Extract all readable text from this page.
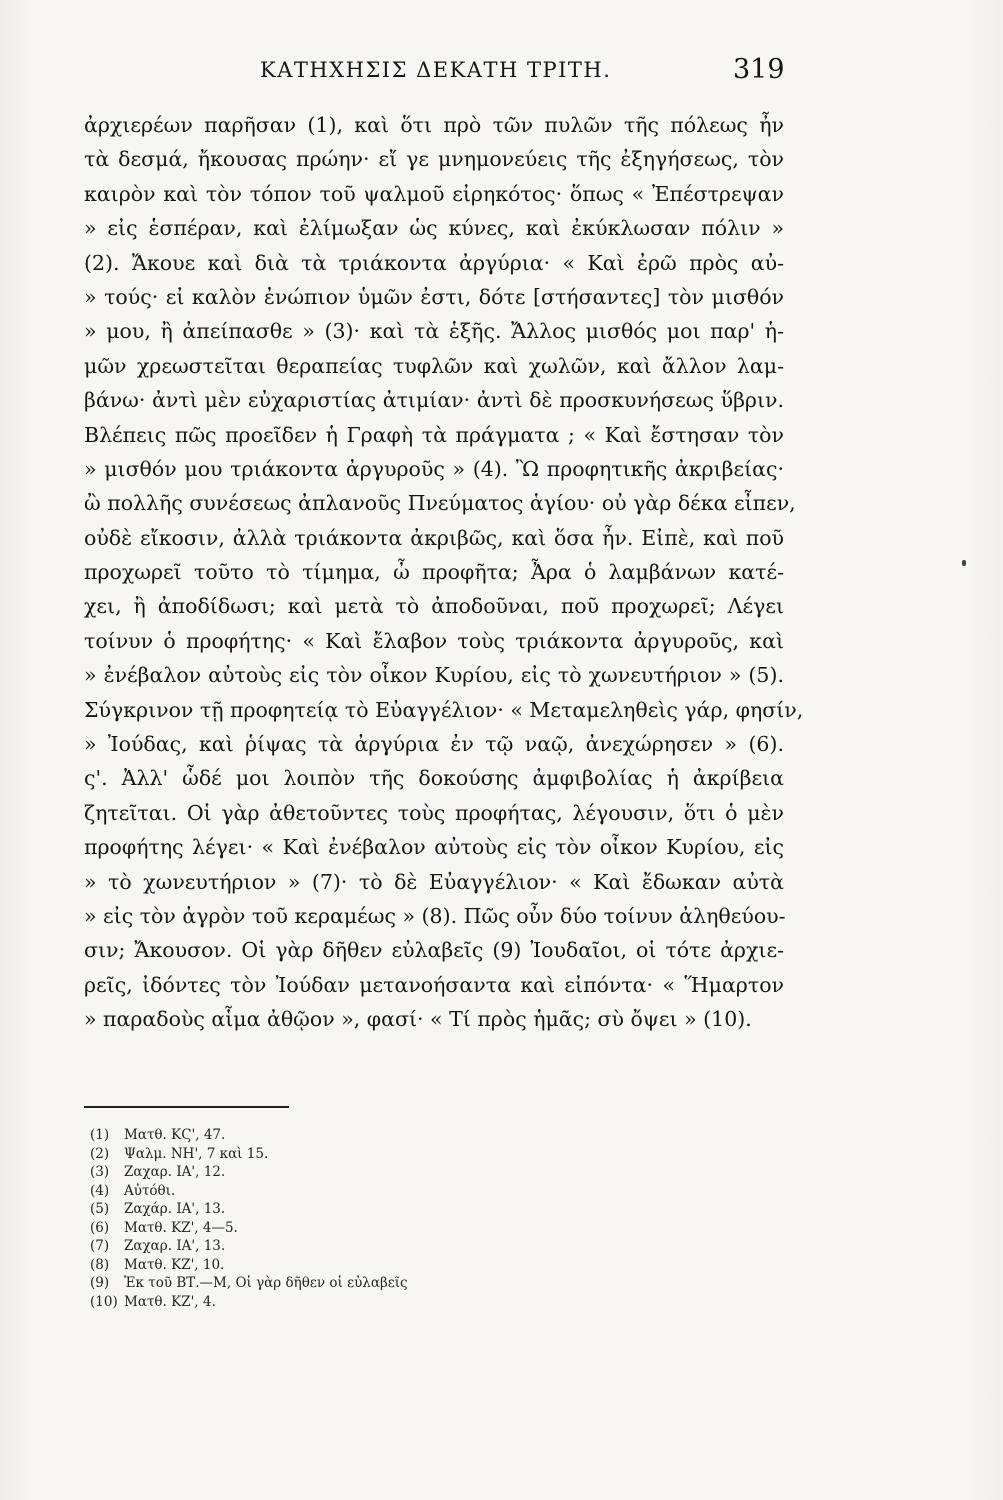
ΚΑΤΗΧΗΣΙΣ ΔΕΚΑΤΗ ΤΡΙΤΗ.	319
ἀρχιερέων παρῆσαν (1), καὶ ὅτι πρὸ τῶν πυλῶν τῆς πόλεως ἦν
τὰ δεσμά, ἤκουσας πρώην· εἴ γε μνημονεύεις τῆς ἐξηγήσεως, τὸν
καιρὸν καὶ τὸν τόπον τοῦ ψαλμοῦ εἰρηκότος· ὅπως « Ἐπέστρεψαν
» εἰς ἑσπέραν, καὶ ἐλίμωξαν ὡς κύνες, καὶ ἐκύκλωσαν πόλιν »
(2). Ἄκουε καὶ διὰ τὰ τριάκοντα ἀργύρια· « Καὶ ἐρῶ πρὸς αὐ-
» τούς· εἰ καλὸν ἐνώπιον ὑμῶν ἐστι, δότε [στήσαντες] τὸν μισθόν
» μου, ἢ ἀπείπασθε » (3)· καὶ τὰ ἑξῆς. Ἄλλος μισθός μοι παρ' ἡ-
μῶν χρεωστεῖται θεραπείας τυφλῶν καὶ χωλῶν, καὶ ἄλλον λαμ-
βάνω· ἀντὶ μὲν εὐχαριστίας ἀτιμίαν· ἀντὶ δὲ προσκυνήσεως ὕβριν.
Βλέπεις πῶς προεῖδεν ἡ Γραφὴ τὰ πράγματα ; « Καὶ ἔστησαν τὸν
» μισθόν μου τριάκοντα ἀργυροῦς » (4). Ὢ προφητικῆς ἀκριβείας·
ὢ πολλῆς συνέσεως ἀπλανοῦς Πνεύματος ἁγίου· οὐ γὰρ δέκα εἶπεν,
οὐδὲ εἴκοσιν, ἀλλὰ τριάκοντα ἀκριβῶς, καὶ ὅσα ἦν. Εἰπὲ, καὶ ποῦ
προχωρεῖ τοῦτο τὸ τίμημα, ὦ προφῆτα; Ἆρα ὁ λαμβάνων κατέ-
χει, ἢ ἀποδίδωσι; καὶ μετὰ τὸ ἀποδοῦναι, ποῦ προχωρεῖ; Λέγει
τοίνυν ὁ προφήτης· « Καὶ ἔλαβον τοὺς τριάκοντα ἀργυροῦς, καὶ
» ἐνέβαλον αὐτοὺς εἰς τὸν οἶκον Κυρίου, εἰς τὸ χωνευτήριον » (5).
Σύγκρινον τῇ προφητείᾳ τὸ Εὐαγγέλιον· « Μεταμεληθεὶς γάρ, φησίν,
» Ἰούδας, καὶ ῥίψας τὰ ἀργύρια ἐν τῷ ναῷ, ἀνεχώρησεν » (6).
ς'. Ἀλλ' ὧδέ μοι λοιπὸν τῆς δοκούσης ἀμφιβολίας ἡ ἀκρίβεια
ζητεῖται. Οἱ γὰρ ἀθετοῦντες τοὺς προφήτας, λέγουσιν, ὅτι ὁ μὲν
προφήτης λέγει· « Καὶ ἐνέβαλον αὐτοὺς εἰς τὸν οἶκον Κυρίου, εἰς
» τὸ χωνευτήριον » (7)· τὸ δὲ Εὐαγγέλιον· « Καὶ ἔδωκαν αὐτὰ
» εἰς τὸν ἀγρὸν τοῦ κεραμέως » (8). Πῶς οὖν δύο τοίνυν ἀληθεύου-
σιν; Ἄκουσον. Οἱ γὰρ δῆθεν εὐλαβεῖς (9) Ἰουδαῖοι, οἱ τότε ἀρχιε-
ρεῖς, ἰδόντες τὸν Ἰούδαν μετανοήσαντα καὶ εἰπόντα· « Ἥμαρτον
» παραδοὺς αἷμα ἀθῷον », φασί· « Τί πρὸς ἡμᾶς; σὺ ὄψει » (10).
(1) Ματθ. ΚϚ', 47.
(2) Ψαλμ. ΝΗ', 7 καὶ 15.
(3) Ζαχαρ. ΙΑ', 12.
(4) Αὐτόθι.
(5) Ζαχάρ. ΙΑ', 13.
(6) Ματθ. ΚΖ', 4—5.
(7) Ζαχαρ. ΙΑ', 13.
(8) Ματθ. ΚΖ', 10.
(9) Ἐκ τοῦ ΒΤ.—Μ, Οἱ γὰρ δῆθεν οἱ εὐλαβεῖς
(10) Ματθ. ΚΖ', 4.
